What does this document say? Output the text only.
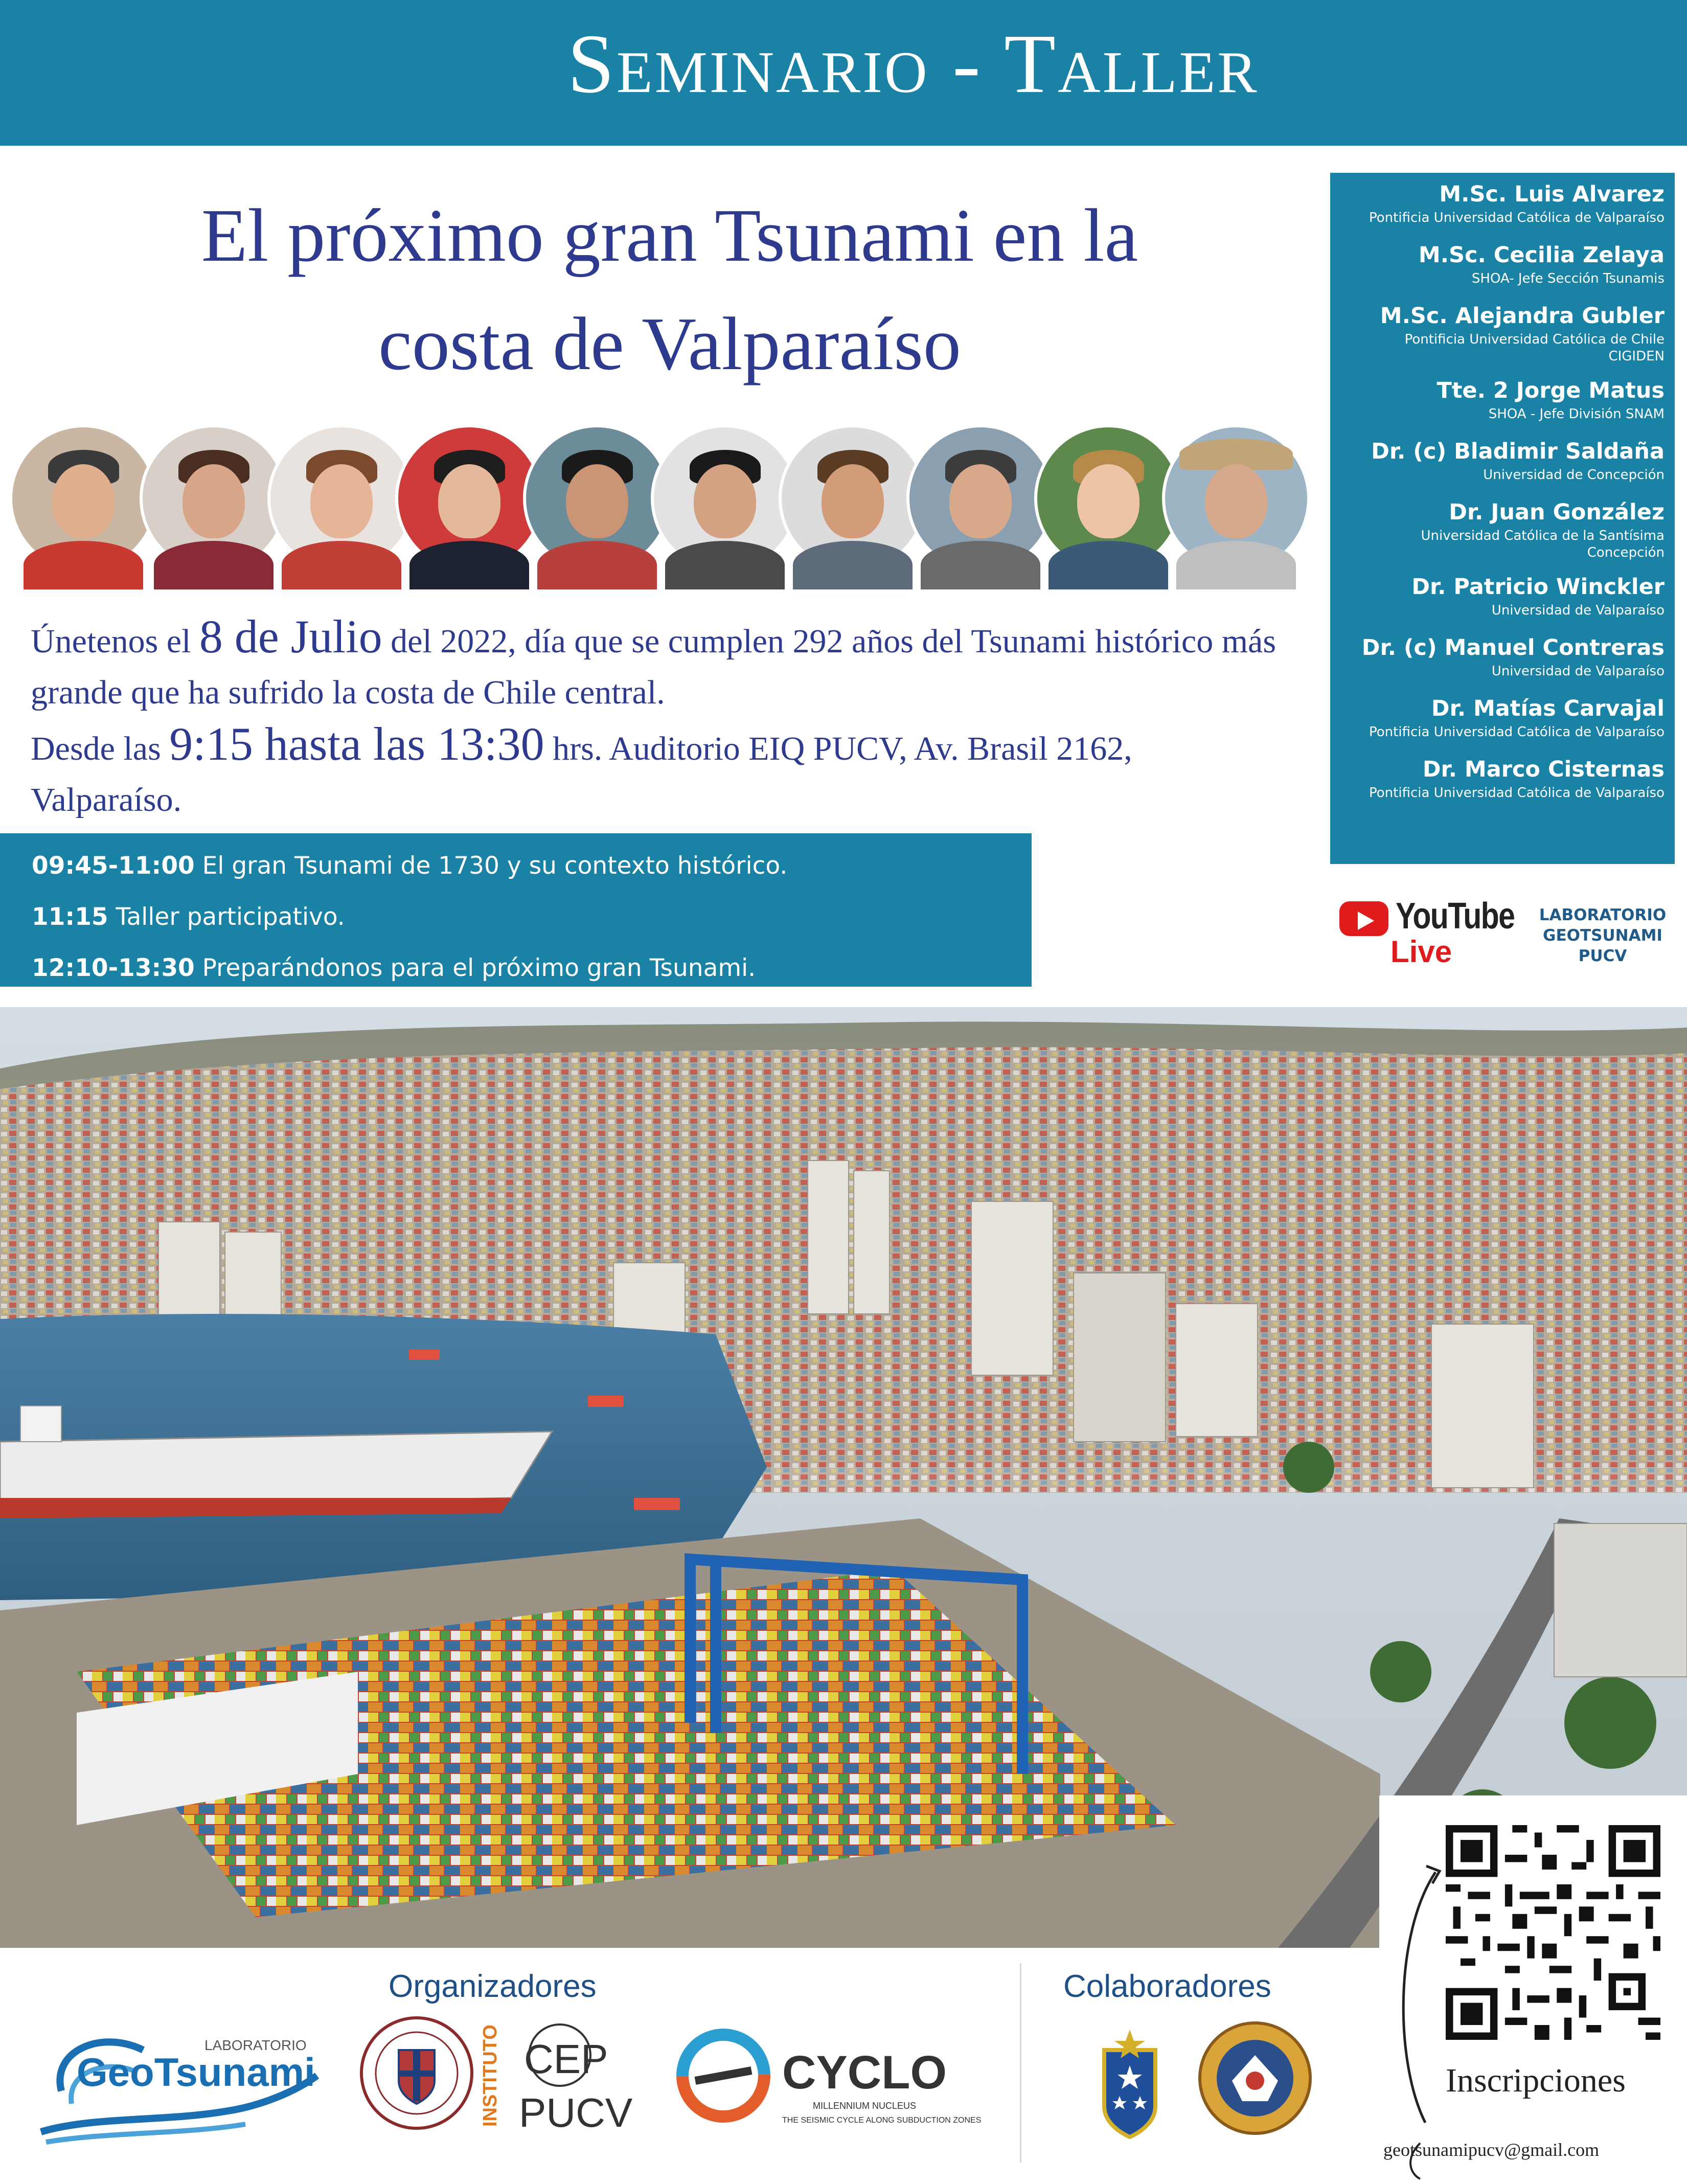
Seminario - Taller
El próximo gran Tsunami en la
costa de Valparaíso
Únetenos el 8 de Julio del 2022, día que se cumplen 292 años del Tsunami histórico más grande que ha sufrido la costa de Chile central.
Desde las 9:15 hasta las 13:30 hrs. Auditorio EIQ PUCV, Av. Brasil 2162, Valparaíso.
09:45-11:00 El gran Tsunami de 1730 y su contexto histórico.
11:15 Taller participativo.
12:10-13:30 Preparándonos para el próximo gran Tsunami.
M.Sc. Luis Alvarez
Pontificia Universidad Católica de Valparaíso
M.Sc. Cecilia Zelaya
SHOA- Jefe Sección Tsunamis
M.Sc. Alejandra Gubler
Pontificia Universidad Católica de Chile
CIGIDEN
Tte. 2 Jorge Matus
SHOA - Jefe División SNAM
Dr. (c) Bladimir Saldaña
Universidad de Concepción
Dr. Juan González
Universidad Católica de la Santísima
Concepción
Dr. Patricio Winckler
Universidad de Valparaíso
Dr. (c) Manuel Contreras
Universidad de Valparaíso
Dr. Matías Carvajal
Pontificia Universidad Católica de Valparaíso
Dr. Marco Cisternas
Pontificia Universidad Católica de Valparaíso
YouTube
Live
LABORATORIO
GEOTSUNAMI
PUCV
Inscripciones
geotsunamipucv@gmail.com
Organizadores	Colaboradores
LABORATORIO
GeoTsunami	INSTITUTO CEP
PUCV
CYCLO
MILLENNIUM NUCLEUS
THE SEISMIC CYCLE ALONG SUBDUCTION ZONES
